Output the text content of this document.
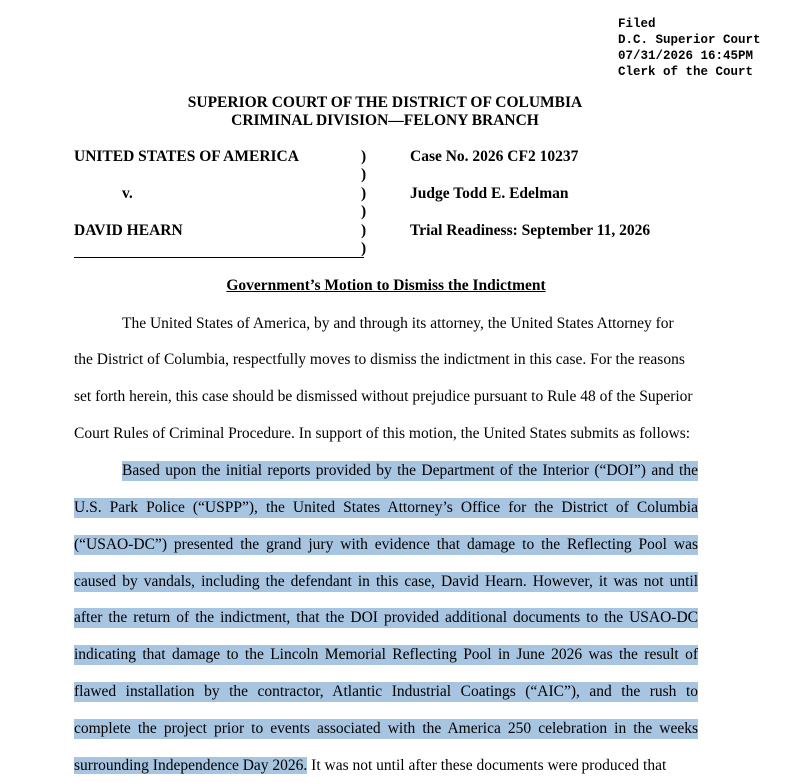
Filed
D.C. Superior Court
07/31/2026 16:45PM
Clerk of the Court
SUPERIOR COURT OF THE DISTRICT OF COLUMBIA
CRIMINAL DIVISION—FELONY BRANCH
UNITED STATES OF AMERICA
v.
DAVID HEARN
)
)
)
)
)
)
Case No. 2026 CF2 10237
Judge Todd E. Edelman
Trial Readiness: September 11, 2026
Government’s Motion to Dismiss the Indictment
The United States of America, by and through its attorney, the United States Attorney for
the District of Columbia, respectfully moves to dismiss the indictment in this case. For the reasons
set forth herein, this case should be dismissed without prejudice pursuant to Rule 48 of the Superior
Court Rules of Criminal Procedure. In support of this motion, the United States submits as follows:
Based upon the initial reports provided by the Department of the Interior (“DOI”) and the
U.S. Park Police (“USPP”), the United States Attorney’s Office for the District of Columbia
(“USAO-DC”) presented the grand jury with evidence that damage to the Reflecting Pool was
caused by vandals, including the defendant in this case, David Hearn. However, it was not until
after the return of the indictment, that the DOI provided additional documents to the USAO-DC
indicating that damage to the Lincoln Memorial Reflecting Pool in June 2026 was the result of
flawed installation by the contractor, Atlantic Industrial Coatings (“AIC”), and the rush to
complete the project prior to events associated with the America 250 celebration in the weeks
surrounding Independence Day 2026. It was not until after these documents were produced that
